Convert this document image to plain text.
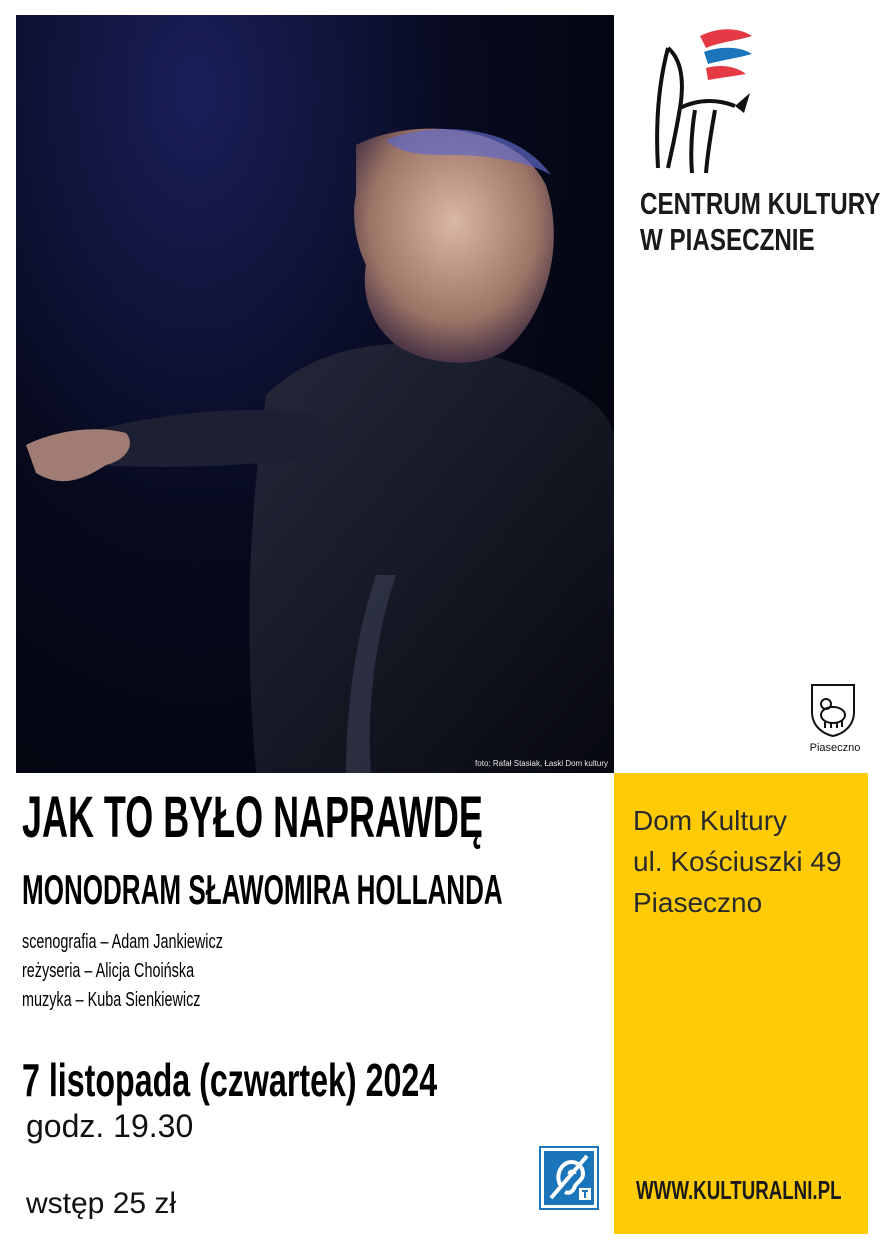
foto: Rafał Stasiak, Łaski Dom kultury
CENTRUM KULTURY
W PIASECZNIE
Piaseczno
Dom Kultury
ul. Kościuszki 49
Piaseczno
WWW.KULTURALNI.PL
JAK TO BYŁO NAPRAWDĘ
MONODRAM SŁAWOMIRA HOLLANDA
scenografia – Adam Jankiewicz
reżyseria – Alicja Choińska
muzyka – Kuba Sienkiewicz
7 listopada (czwartek) 2024
godz. 19.30
wstęp 25 zł
